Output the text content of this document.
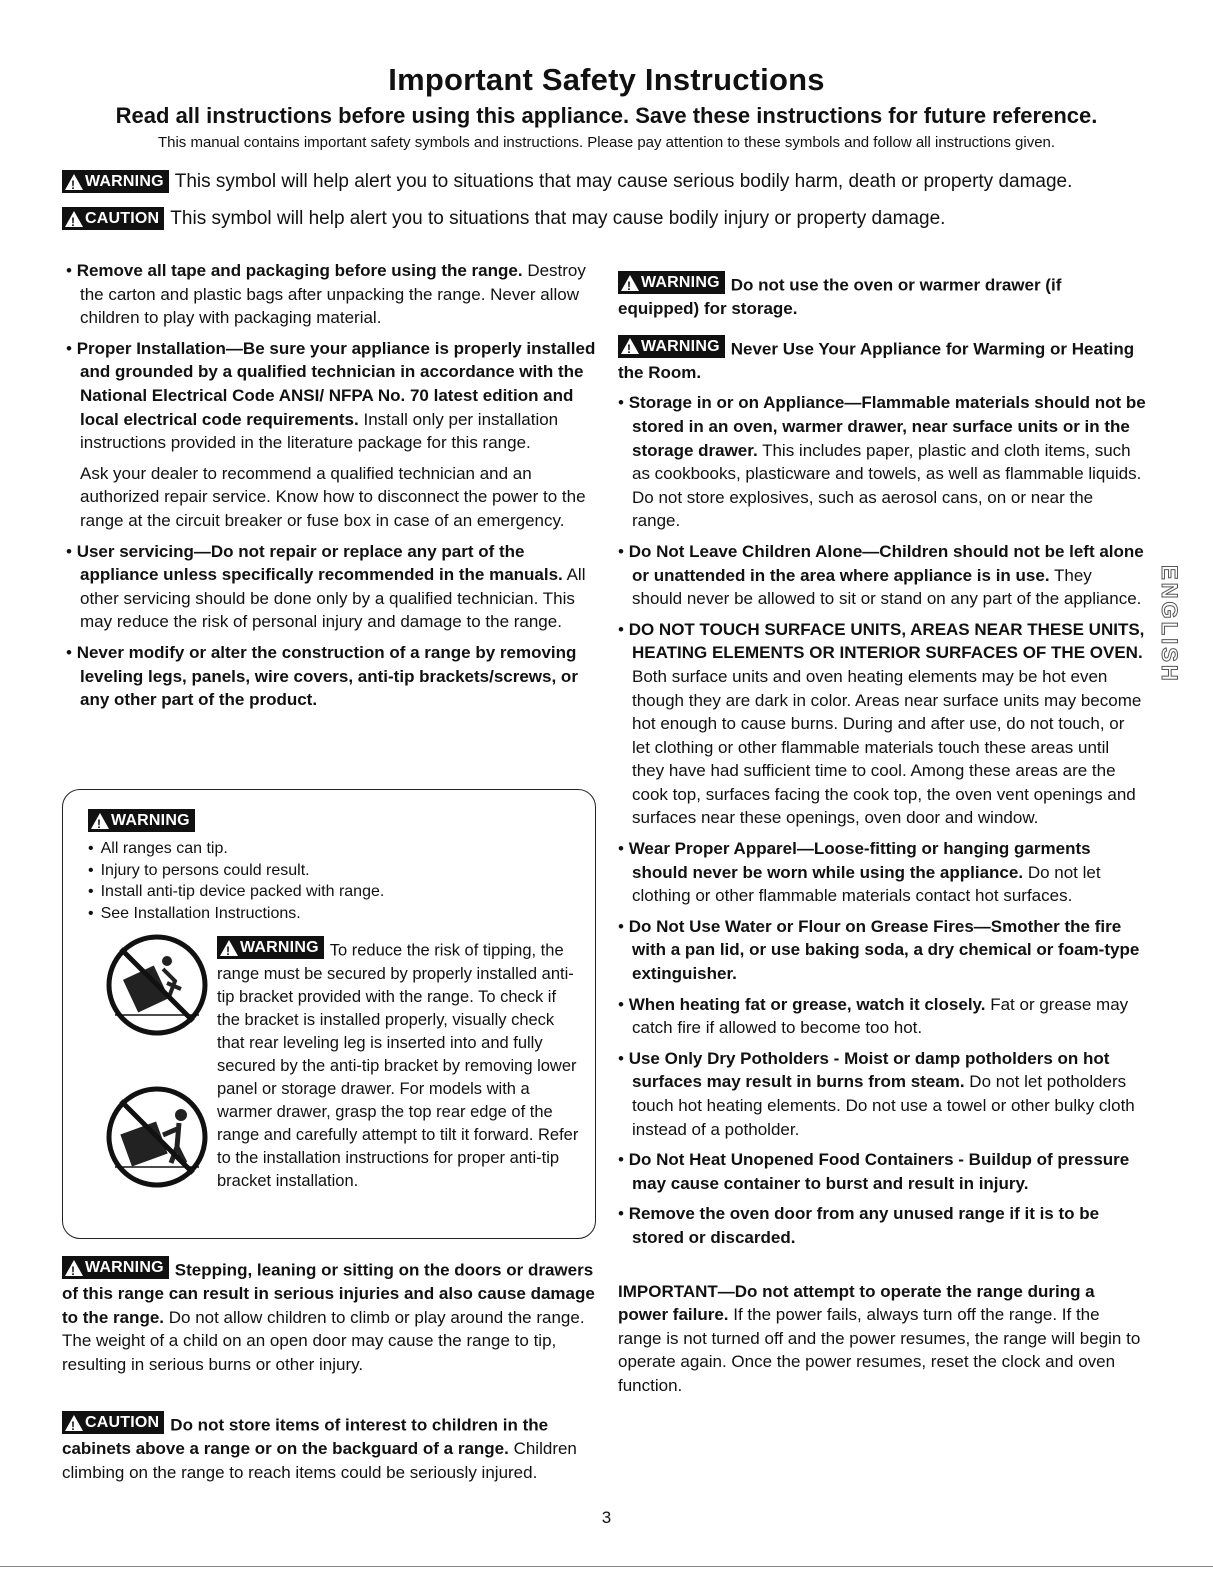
Important Safety Instructions
Read all instructions before using this appliance. Save these instructions for future reference.
This manual contains important safety symbols and instructions. Please pay attention to these symbols and follow all instructions given.
!
WARNING This symbol will help alert you to situations that may cause serious bodily harm, death or property damage.
!
CAUTION This symbol will help alert you to situations that may cause bodily injury or property damage.

• Remove all tape and packaging before using the range. Destroy the carton and plastic bags after unpacking the range. Never allow children to play with packaging material.

• Proper Installation—Be sure your appliance is properly installed and grounded by a qualified technician in accordance with the National Electrical Code ANSI/ NFPA No. 70 latest edition and local electrical code requirements. Install only per installation instructions provided in the literature package for this range.

Ask your dealer to recommend a qualified technician and an authorized repair service. Know how to disconnect the power to the range at the circuit breaker or fuse box in case of an emergency.

• User servicing—Do not repair or replace any part of the appliance unless specifically recommended in the manuals. All other servicing should be done only by a qualified technician. This may reduce the risk of personal injury and damage to the range.

• Never modify or alter the construction of a range by removing leveling legs, panels, wire covers, anti-tip brackets/screws, or any other part of the product.

!
WARNING
• All ranges can tip.
• Injury to persons could result.
• Install anti-tip device packed with range.
• See Installation Instructions.
!
WARNING To reduce the risk of tipping, the range must be secured by properly installed anti-tip bracket provided with the range. To check if the bracket is installed properly, visually check that rear leveling leg is inserted into and fully secured by the anti-tip bracket by removing lower panel or storage drawer. For models with a warmer drawer, grasp the top rear edge of the range and carefully attempt to tilt it forward. Refer to the installation instructions for proper anti-tip bracket installation.

!
WARNING Stepping, leaning or sitting on the doors or drawers of this range can result in serious injuries and also cause damage to the range. Do not allow children to climb or play around the range. The weight of a child on an open door may cause the range to tip, resulting in serious burns or other injury.

!
CAUTION Do not store items of interest to children in the cabinets above a range or on the backguard of a range. Children climbing on the range to reach items could be seriously injured.

!
WARNING Do not use the oven or warmer drawer (if equipped) for storage.

!
WARNING Never Use Your Appliance for Warming or Heating the Room.

• Storage in or on Appliance—Flammable materials should not be stored in an oven, warmer drawer, near surface units or in the storage drawer. This includes paper, plastic and cloth items, such as cookbooks, plasticware and towels, as well as flammable liquids. Do not store explosives, such as aerosol cans, on or near the range.

• Do Not Leave Children Alone—Children should not be left alone or unattended in the area where appliance is in use. They should never be allowed to sit or stand on any part of the appliance.

• DO NOT TOUCH SURFACE UNITS, AREAS NEAR THESE UNITS, HEATING ELEMENTS OR INTERIOR SURFACES OF THE OVEN. Both surface units and oven heating elements may be hot even though they are dark in color. Areas near surface units may become hot enough to cause burns. During and after use, do not touch, or let clothing or other flammable materials touch these areas until they have had sufficient time to cool. Among these areas are the cook top, surfaces facing the cook top, the oven vent openings and surfaces near these openings, oven door and window.

• Wear Proper Apparel—Loose-fitting or hanging garments should never be worn while using the appliance. Do not let clothing or other flammable materials contact hot surfaces.

• Do Not Use Water or Flour on Grease Fires—Smother the fire with a pan lid, or use baking soda, a dry chemical or foam-type extinguisher.

• When heating fat or grease, watch it closely. Fat or grease may catch fire if allowed to become too hot.

• Use Only Dry Potholders - Moist or damp potholders on hot surfaces may result in burns from steam. Do not let potholders touch hot heating elements. Do not use a towel or other bulky cloth instead of a potholder.

• Do Not Heat Unopened Food Containers - Buildup of pressure may cause container to burst and result in injury.

• Remove the oven door from any unused range if it is to be stored or discarded.

IMPORTANT—Do not attempt to operate the range during a power failure. If the power fails, always turn off the range. If the range is not turned off and the power resumes, the range will begin to operate again. Once the power resumes, reset the clock and oven function.

ENGLISH
3
